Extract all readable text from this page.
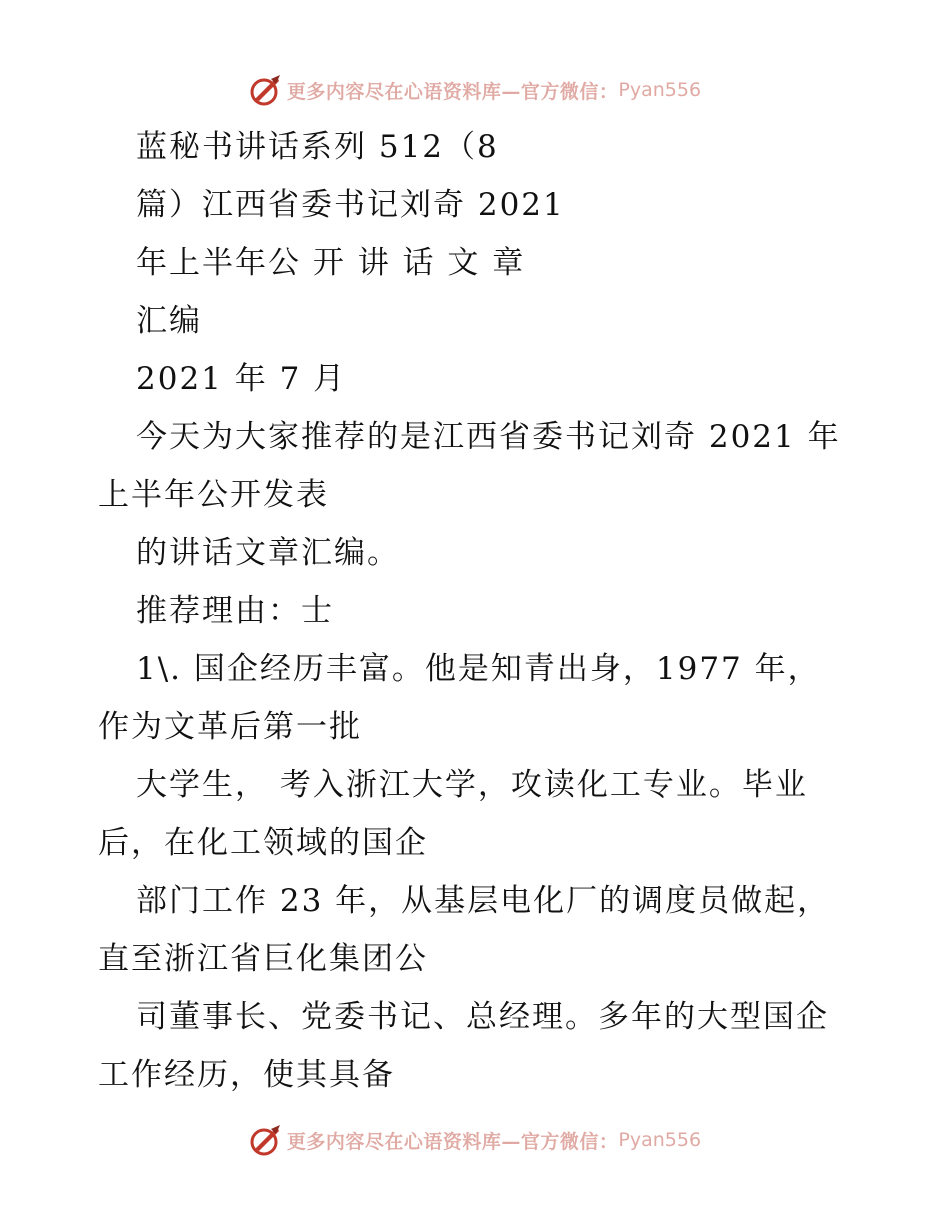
更多内容尽在心语资料库—官方微信： Pyan556
蓝秘书讲话系列 512（8
篇）江西省委书记刘奇 2021
年上半年公 开 讲 话 文 章
汇编
2021 年 7 月
今天为大家推荐的是江西省委书记刘奇 2021 年
上半年公开发表
的讲话文章汇编。
推荐理由：士
1\. 国企经历丰富。他是知青出身，1977 年，
作为文革后第一批
大学生， 考入浙江大学，攻读化工专业。毕业
后，在化工领域的国企
部门工作 23 年，从基层电化厂的调度员做起，
直至浙江省巨化集团公
司董事长、党委书记、总经理。多年的大型国企
工作经历，使其具备
更多内容尽在心语资料库—官方微信： Pyan556
